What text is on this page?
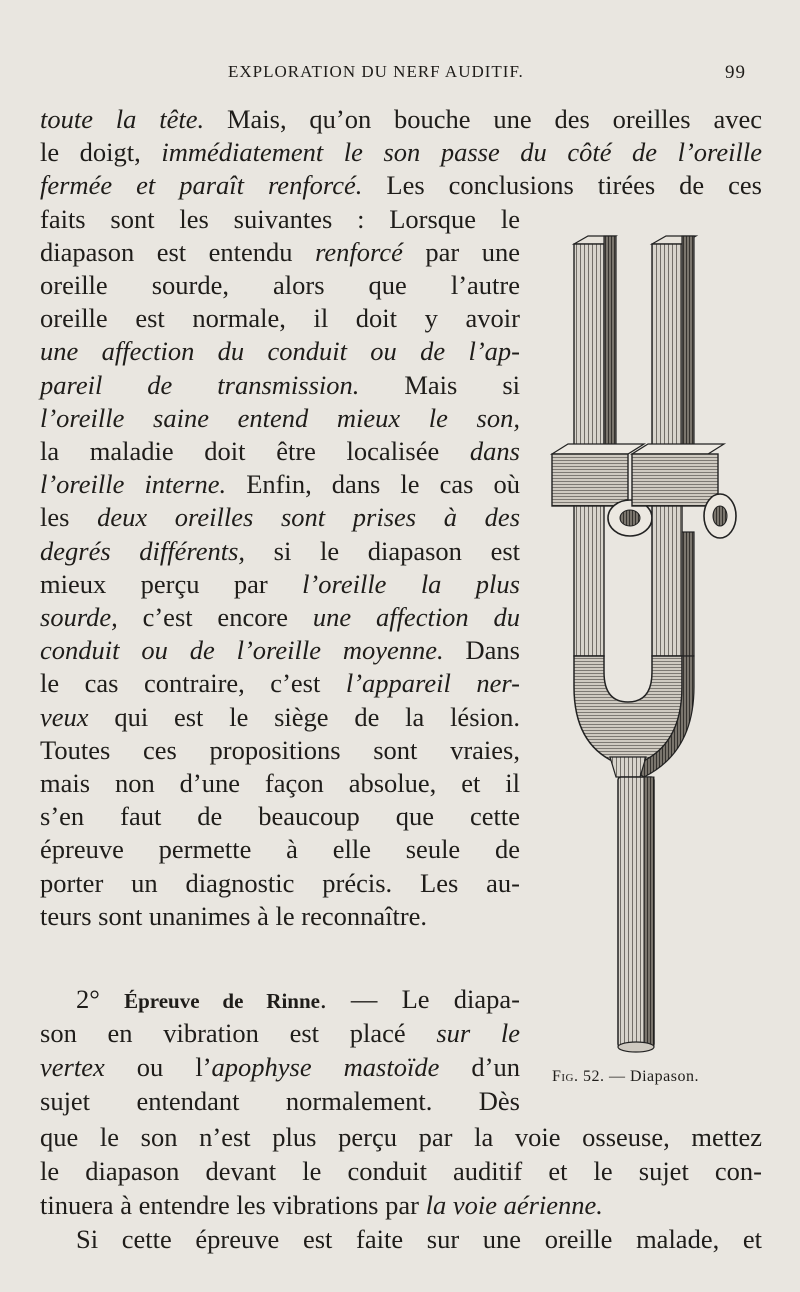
EXPLORATION DU NERF AUDITIF.	99
toute la tête. Mais, qu’on bouche une des oreilles avec
le doigt, immédiatement le son passe du côté de l’oreille
fermée et paraît renforcé. Les conclusions tirées de ces
faits sont les suivantes : Lorsque le
diapason est entendu renforcé par une
oreille sourde, alors que l’autre
oreille est normale, il doit y avoir
une affection du conduit ou de l’ap-
pareil de transmission. Mais si
l’oreille saine entend mieux le son,
la maladie doit être localisée dans
l’oreille interne. Enfin, dans le cas où
les deux oreilles sont prises à des
degrés différents, si le diapason est
mieux perçu par l’oreille la plus
sourde, c’est encore une affection du
conduit ou de l’oreille moyenne. Dans
le cas contraire, c’est l’appareil ner-
veux qui est le siège de la lésion.
Toutes ces propositions sont vraies,
mais non d’une façon absolue, et il
s’en faut de beaucoup que cette
épreuve permette à elle seule de
porter un diagnostic précis. Les au-
teurs sont unanimes à le reconnaître.
2° Épreuve de Rinne. — Le diapa-
son en vibration est placé sur le
vertex ou l’apophyse mastoïde d’un
sujet entendant normalement. Dès
que le son n’est plus perçu par la voie osseuse, mettez
le diapason devant le conduit auditif et le sujet con-
tinuera à entendre les vibrations par la voie aérienne.
Si cette épreuve est faite sur une oreille malade, et
Fig. 52. — Diapason.
